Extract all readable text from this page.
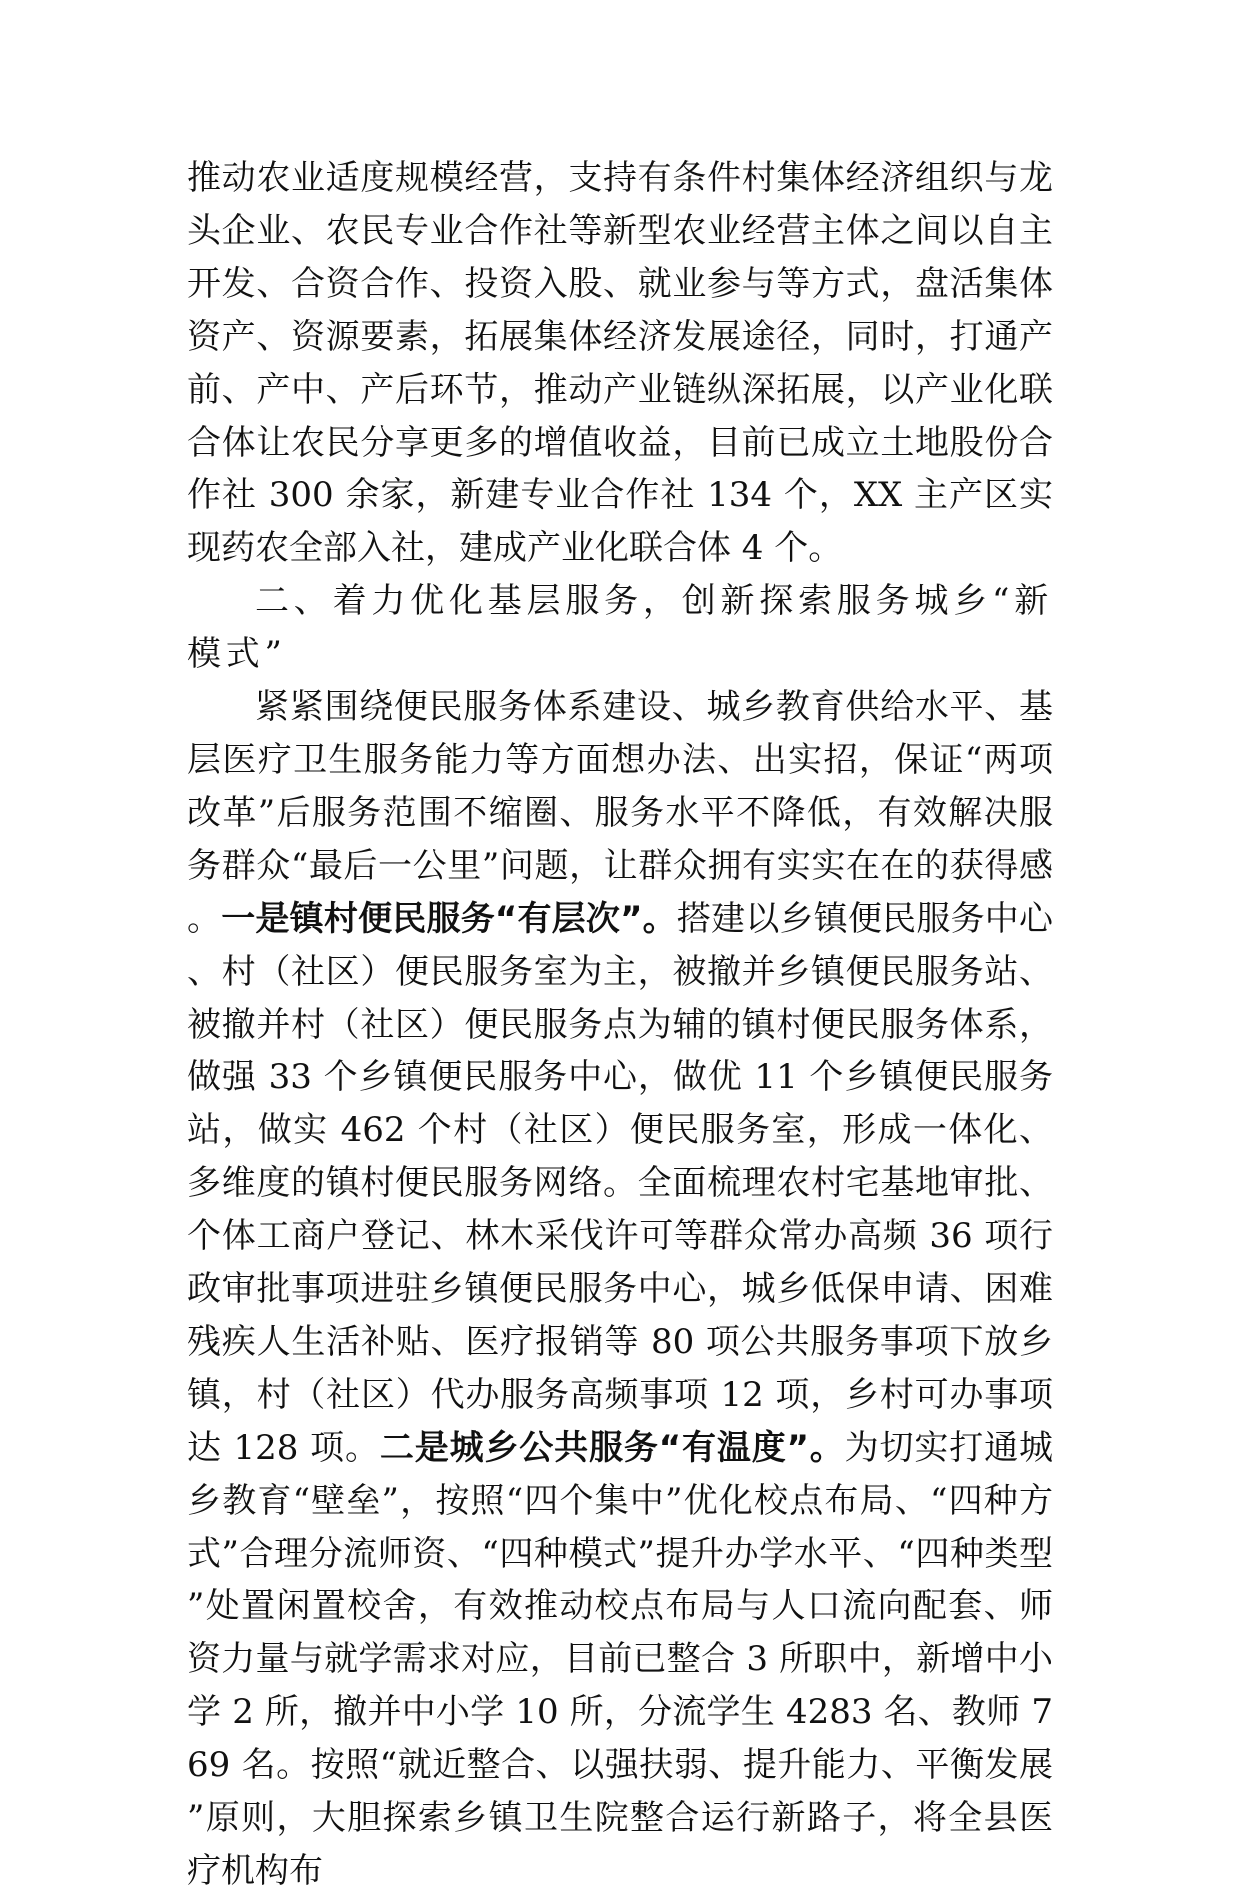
推动农业适度规模经营，支持有条件村集体经济组织与龙头企业、农民专业合作社等新型农业经营主体之间以自主开发、合资合作、投资入股、就业参与等方式，盘活集体资产、资源要素，拓展集体经济发展途径，同时，打通产前、产中、产后环节，推动产业链纵深拓展，以产业化联合体让农民分享更多的增值收益，目前已成立土地股份合作社 300 余家，新建专业合作社 134 个，XX 主产区实现药农全部入社，建成产业化联合体 4 个。

二、着力优化基层服务，创新探索服务城乡“新模式”

紧紧围绕便民服务体系建设、城乡教育供给水平、基层医疗卫生服务能力等方面想办法、出实招，保证“两项改革”后服务范围不缩圈、服务水平不降低，有效解决服务群众“最后一公里”问题，让群众拥有实实在在的获得感。一是镇村便民服务“有层次”。搭建以乡镇便民服务中心、村（社区）便民服务室为主，被撤并乡镇便民服务站、被撤并村（社区）便民服务点为辅的镇村便民服务体系，做强 33 个乡镇便民服务中心，做优 11 个乡镇便民服务站，做实 462 个村（社区）便民服务室，形成一体化、多维度的镇村便民服务网络。全面梳理农村宅基地审批、个体工商户登记、林木采伐许可等群众常办高频 36 项行政审批事项进驻乡镇便民服务中心，城乡低保申请、困难残疾人生活补贴、医疗报销等 80 项公共服务事项下放乡镇，村（社区）代办服务高频事项 12 项，乡村可办事项达 128 项。二是城乡公共服务“有温度”。为切实打通城乡教育“壁垒”，按照“四个集中”优化校点布局、“四种方式”合理分流师资、“四种模式”提升办学水平、“四种类型”处置闲置校舍，有效推动校点布局与人口流向配套、师资力量与就学需求对应，目前已整合 3 所职中，新增中小学 2 所，撤并中小学 10 所，分流学生 4283 名、教师 769 名。按照“就近整合、以强扶弱、提升能力、平衡发展”原则，大胆探索乡镇卫生院整合运行新路子，将全县医疗机构布
